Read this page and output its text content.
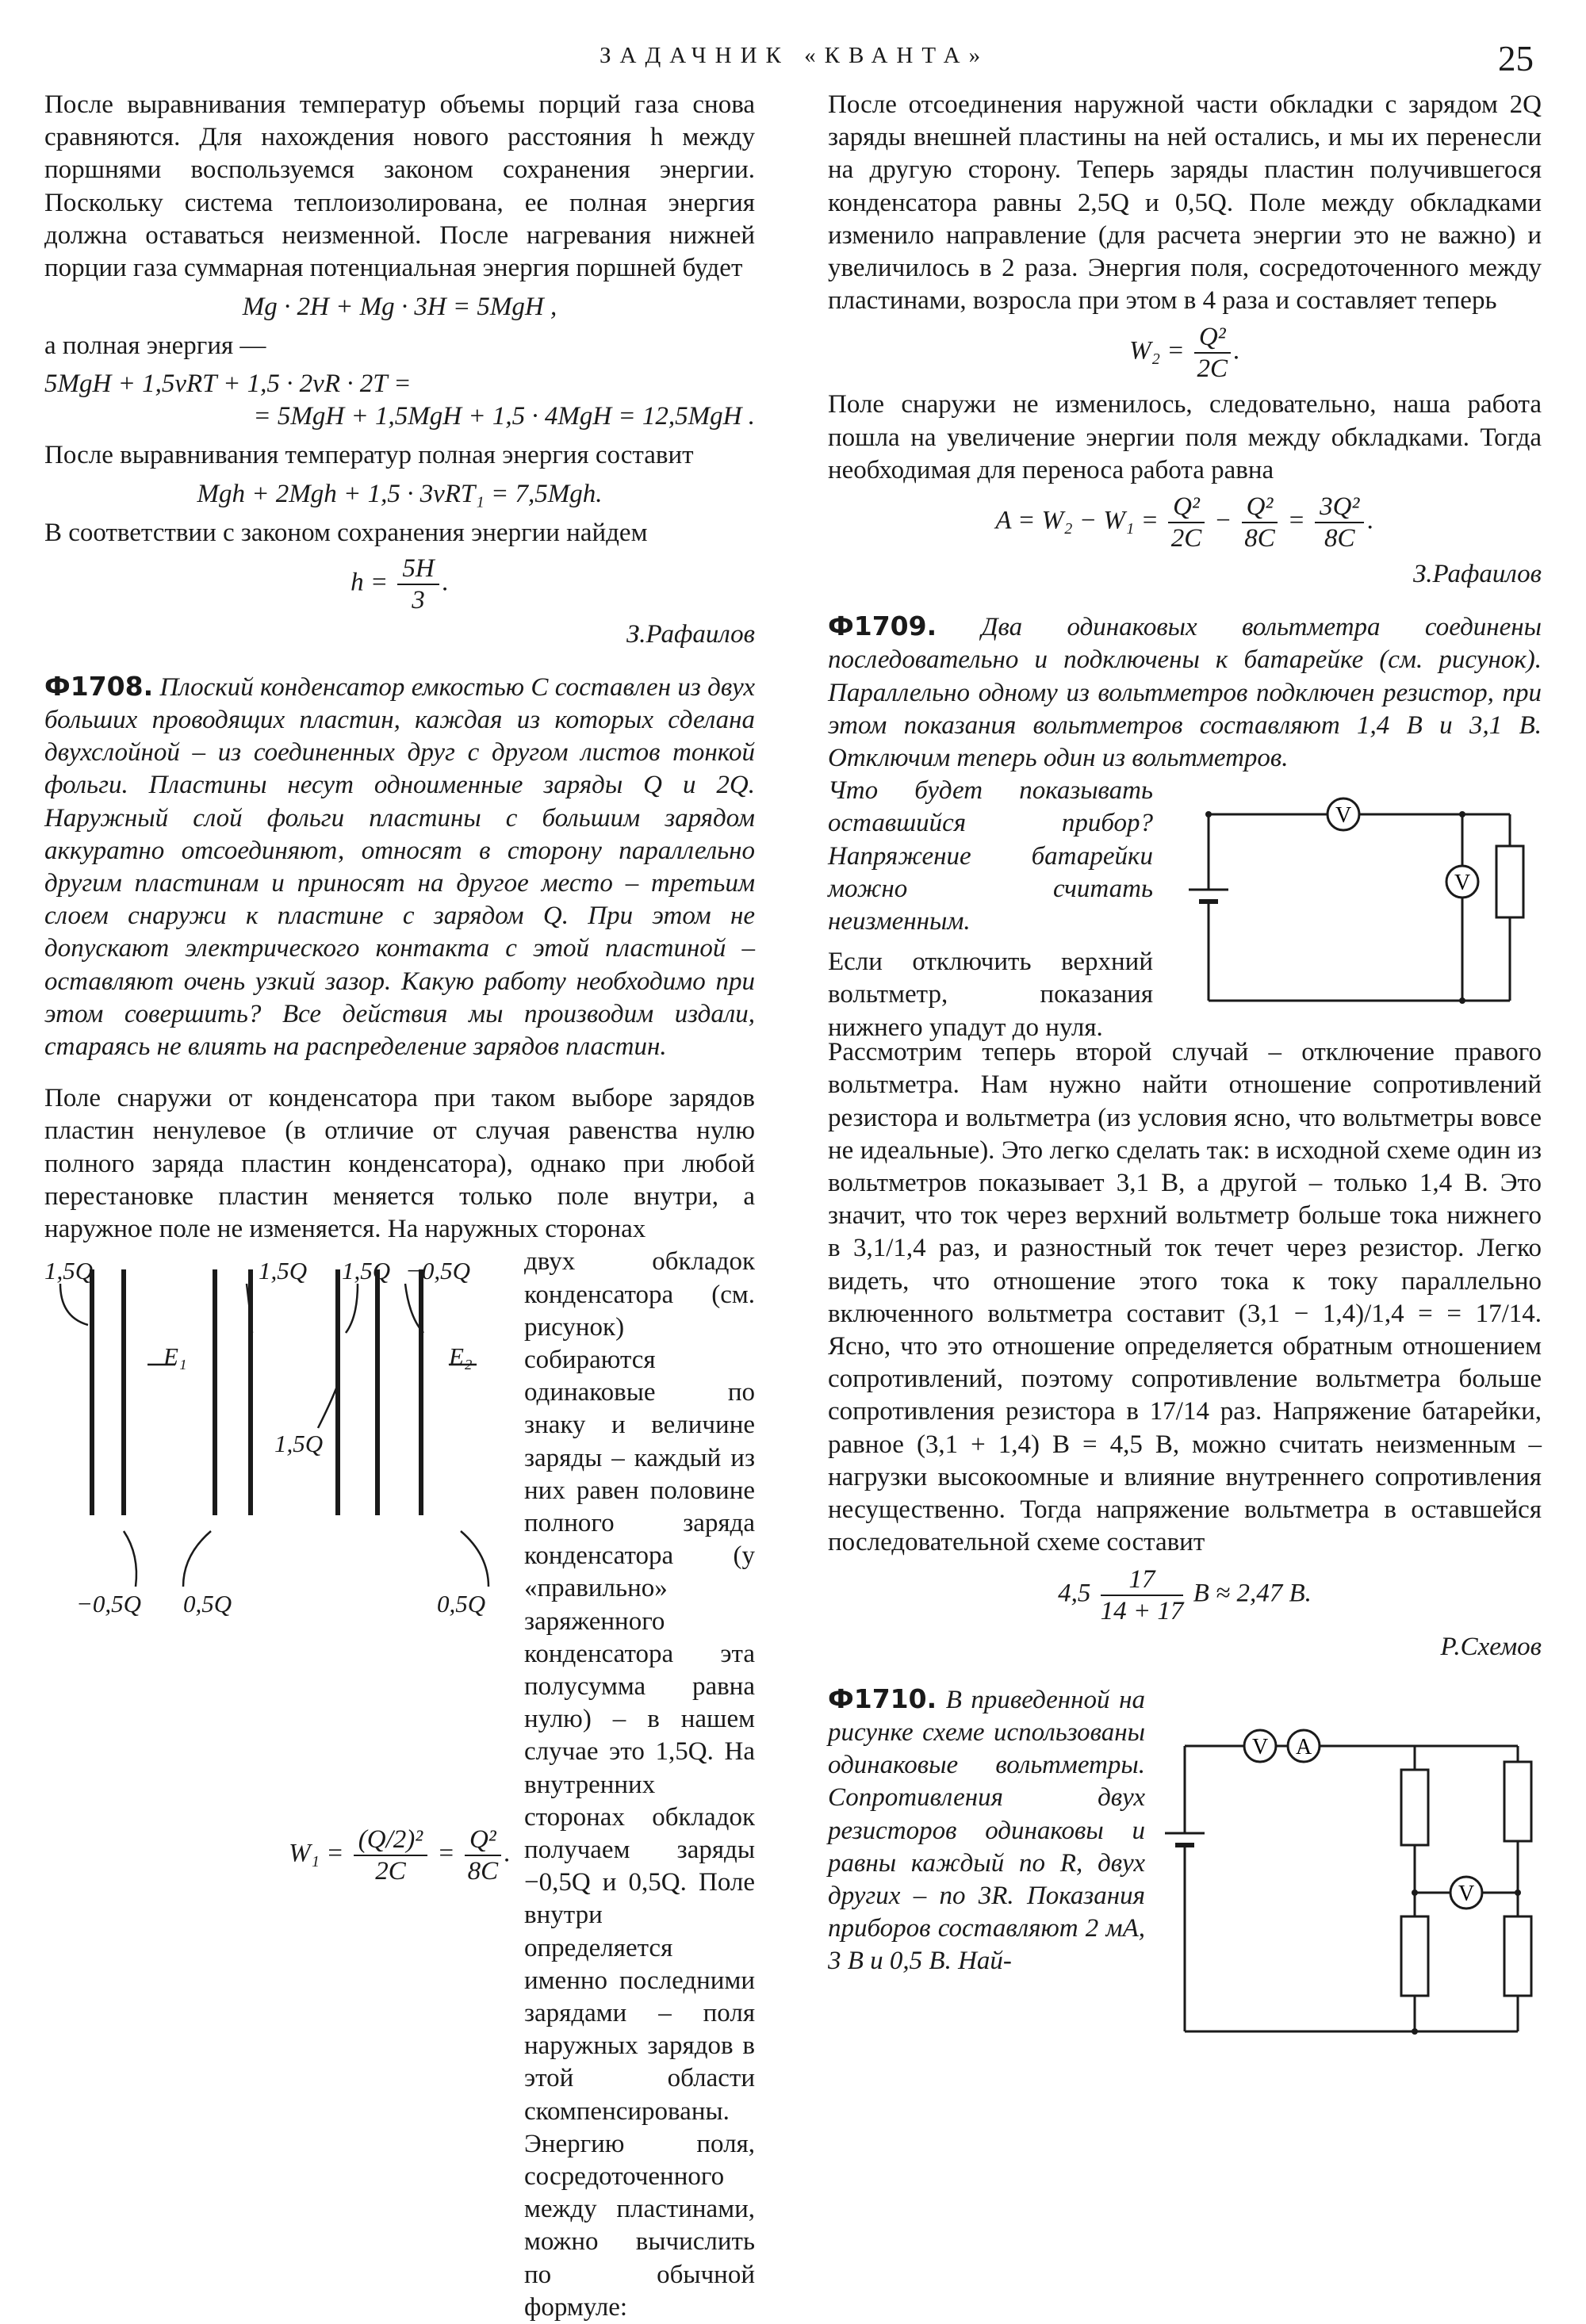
ЗАДАЧНИК «КВАНТА»	25

После выравнивания температур объемы порций газа снова сравняются. Для нахождения нового расстояния h между поршнями воспользуемся законом сохранения энергии. Поскольку система теплоизолирована, ее полная энергия должна оставаться неизменной. После нагревания нижней порции газа суммарная потенциальная энергия поршней будет

Mg · 2H + Mg · 3H = 5MgH ,

а полная энергия —

5MgH + 1,5νRT + 1,5 · 2νR · 2T =

= 5MgH + 1,5MgH + 1,5 · 4MgH = 12,5MgH .

После выравнивания температур полная энергия составит

Mgh + 2Mgh + 1,5 · 3νRT₁ = 7,5Mgh.

В соответствии с законом сохранения энергии найдем

$h = \frac{5H}{3}$ .

З.Рафаилов

Ф1708. Плоский конденсатор емкостью C составлен из двух больших проводящих пластин, каждая из которых сделана двухслойной – из соединенных друг с другом листов тонкой фольги. Пластины несут одноименные заряды Q и 2Q. Наружный слой фольги пластины с большим зарядом аккуратно отсоединяют, относят в сторону параллельно другим пластинам и приносят на другое место – третьим слоем снаружи к пластине с зарядом Q. При этом не допускают электрического контакта с этой пластиной – оставляют очень узкий зазор. Какую работу необходимо при этом совершить? Все действия мы производим издали, стараясь не влиять на распределение зарядов пластин.

Поле снаружи от конденсатора при таком выборе зарядов пластин ненулевое (в отличие от случая равенства нулю полного заряда пластин конденсатора), однако при любой перестановке пластин меняется только поле внутри, а наружное поле не изменяется. На наружных сторонах

1,5Q
E₁
−0,5Q 0,5Q
1,5Q 1,5Q −0,5Q
1,5Q
E₂
0,5Q

двух обкладок конденсатора (см. рисунок) собираются одинаковые по знаку и величине заряды – каждый из них равен половине полного заряда конденсатора (у «правильно» заряженного конденсатора эта полусумма равна нулю) – в нашем случае это 1,5Q. На внутренних сторонах обкладок получаем заряды −0,5Q и 0,5Q. Поле внутри определяется именно последними зарядами – поля наружных зарядов в этой области скомпенсированы. Энергию поля, сосредоточенного между пластинами, можно вычислить по обычной формуле:

$W_1 = \frac{\text{(Q/2)²}}{2C} = \frac{\text{Q²}}{8C}$ .

После отсоединения наружной части обкладки с зарядом 2Q заряды внешней пластины на ней остались, и мы их перенесли на другую сторону. Теперь заряды пластин получившегося конденсатора равны 2,5Q и 0,5Q. Поле между обкладками изменило направление (для расчета энергии это не важно) и увеличилось в 2 раза. Энергия поля, сосредоточенного между пластинами, возросла при этом в 4 раза и составляет теперь

$W_2 = \frac{\text{Q²}}{2C}$ .

Поле снаружи не изменилось, следовательно, наша работа пошла на увеличение энергии поля между обкладками. Тогда необходимая для переноса работа равна

$A = W_2 - W_1 = \frac{\text{Q²}}{2C} - \frac{\text{Q²}}{8C} = \frac{\text{3Q²}}{8C}$ .

З.Рафаилов

Ф1709. Два одинаковых вольтметра соединены последовательно и подключены к батарейке (см. рисунок). Параллельно одному из вольтметров подключен резистор, при этом показания вольтметров составляют 1,4 В и 3,1 В. Отключим теперь один из вольтметров.

Что будет показывать оставшийся прибор? Напряжение батарейки можно считать неизменным.

Если отключить верхний вольтметр, показания нижнего упадут до нуля.

V
V

Рассмотрим теперь второй случай – отключение правого вольтметра. Нам нужно найти отношение сопротивлений резистора и вольтметра (из условия ясно, что вольтметры вовсе не идеальные). Это легко сделать так: в исходной схеме один из вольтметров показывает 3,1 В, а другой – только 1,4 В. Это значит, что ток через верхний вольтметр больше тока нижнего в 3,1/1,4 раз, и разностный ток течет через резистор. Легко видеть, что отношение этого тока к току параллельно включенного вольтметра составит (3,1 − 1,4)/1,4 = = 17/14. Ясно, что это отношение определяется обратным отношением сопротивлений, поэтому сопротивление вольтметра больше сопротивления резистора в 17/14 раз. Напряжение батарейки, равное (3,1 + 1,4) В = 4,5 В, можно считать неизменным – нагрузки высокоомные и влияние внутреннего сопротивления несущественно. Тогда напряжение вольтметра в оставшейся последовательной схеме составит

$4,5 \frac{17}{14 + 17}$ В ≈ 2,47 В.

Р.Схемов

Ф1710. В приведенной на рисунке схеме использованы одинаковые вольтметры. Сопротивления двух резисторов одинаковы и равны каждый по R, двух других – по 3R. Показания приборов составляют 2 мА, 3 В и 0,5 В. Най-

V A
V
